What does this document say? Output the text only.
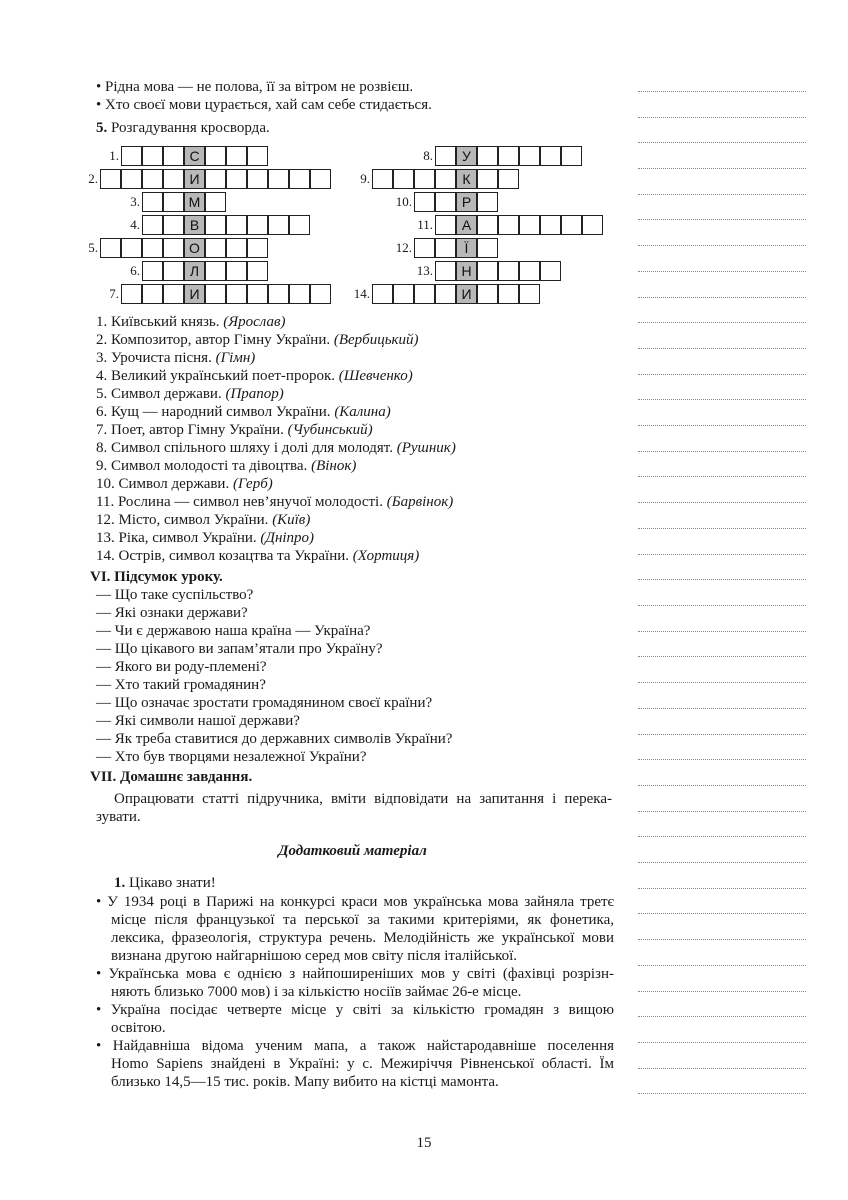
• Рідна мова — не полова, її за вітром не розвієш.
• Хто своєї мови цурається, хай сам себе стидається.
5. Розгадування кросворда.
1.	С
2.	И
3.	М
4.	В
5.	О
6.	Л
7.	И
8.	У
9.	К
10.	Р
11.	А
12.	Ї
13.	Н
14.	И
1. Київський князь. (Ярослав)
2. Композитор, автор Гімну України. (Вербицький)
3. Урочиста пісня. (Гімн)
4. Великий український поет-пророк. (Шевченко)
5. Символ держави. (Прапор)
6. Кущ — народний символ України. (Калина)
7. Поет, автор Гімну України. (Чубинський)
8. Символ спільного шляху і долі для молодят. (Рушник)
9. Символ молодості та дівоцтва. (Вінок)
10. Символ держави. (Герб)
11. Рослина — символ нев’янучої молодості. (Барвінок)
12. Місто, символ України. (Київ)
13. Ріка, символ України. (Дніпро)
14. Острів, символ козацтва та України. (Хортиця)
VI. Підсумок уроку.
— Що таке суспільство?
— Які ознаки держави?
— Чи є державою наша країна — Україна?
— Що цікавого ви запам’ятали про Україну?
— Якого ви роду-племені?
— Хто такий громадянин?
— Що означає зростати громадянином своєї країни?
— Які символи нашої держави?
— Як треба ставитися до державних символів України?
— Хто був творцями незалежної України?
VII. Домашнє завдання.
Опрацювати статті підручника, вміти відповідати на запитання і перека-
зувати.
Додатковий матеріал
1. Цікаво знати!
• У 1934 році в Парижі на конкурсі краси мов українська мова зайняла третє
місце після французької та перської за такими критеріями, як фонетика,
лексика, фразеологія, структура речень. Мелодійність же української мови
визнана другою найгарнішою серед мов світу після італійської.
• Українська мова є однією з найпоширеніших мов у світі (фахівці розрізн-
няють близько 7000 мов) і за кількістю носіїв займає 26-е місце.
• Україна посідає четверте місце у світі за кількістю громадян з вищою
освітою.
• Найдавніша відома ученим мапа, а також найстародавніше поселення
Homo Sapiens знайдені в Україні: у с. Межиріччя Рівненської області. Їм
близько 14,5—15 тис. років. Мапу вибито на кістці мамонта.
15
